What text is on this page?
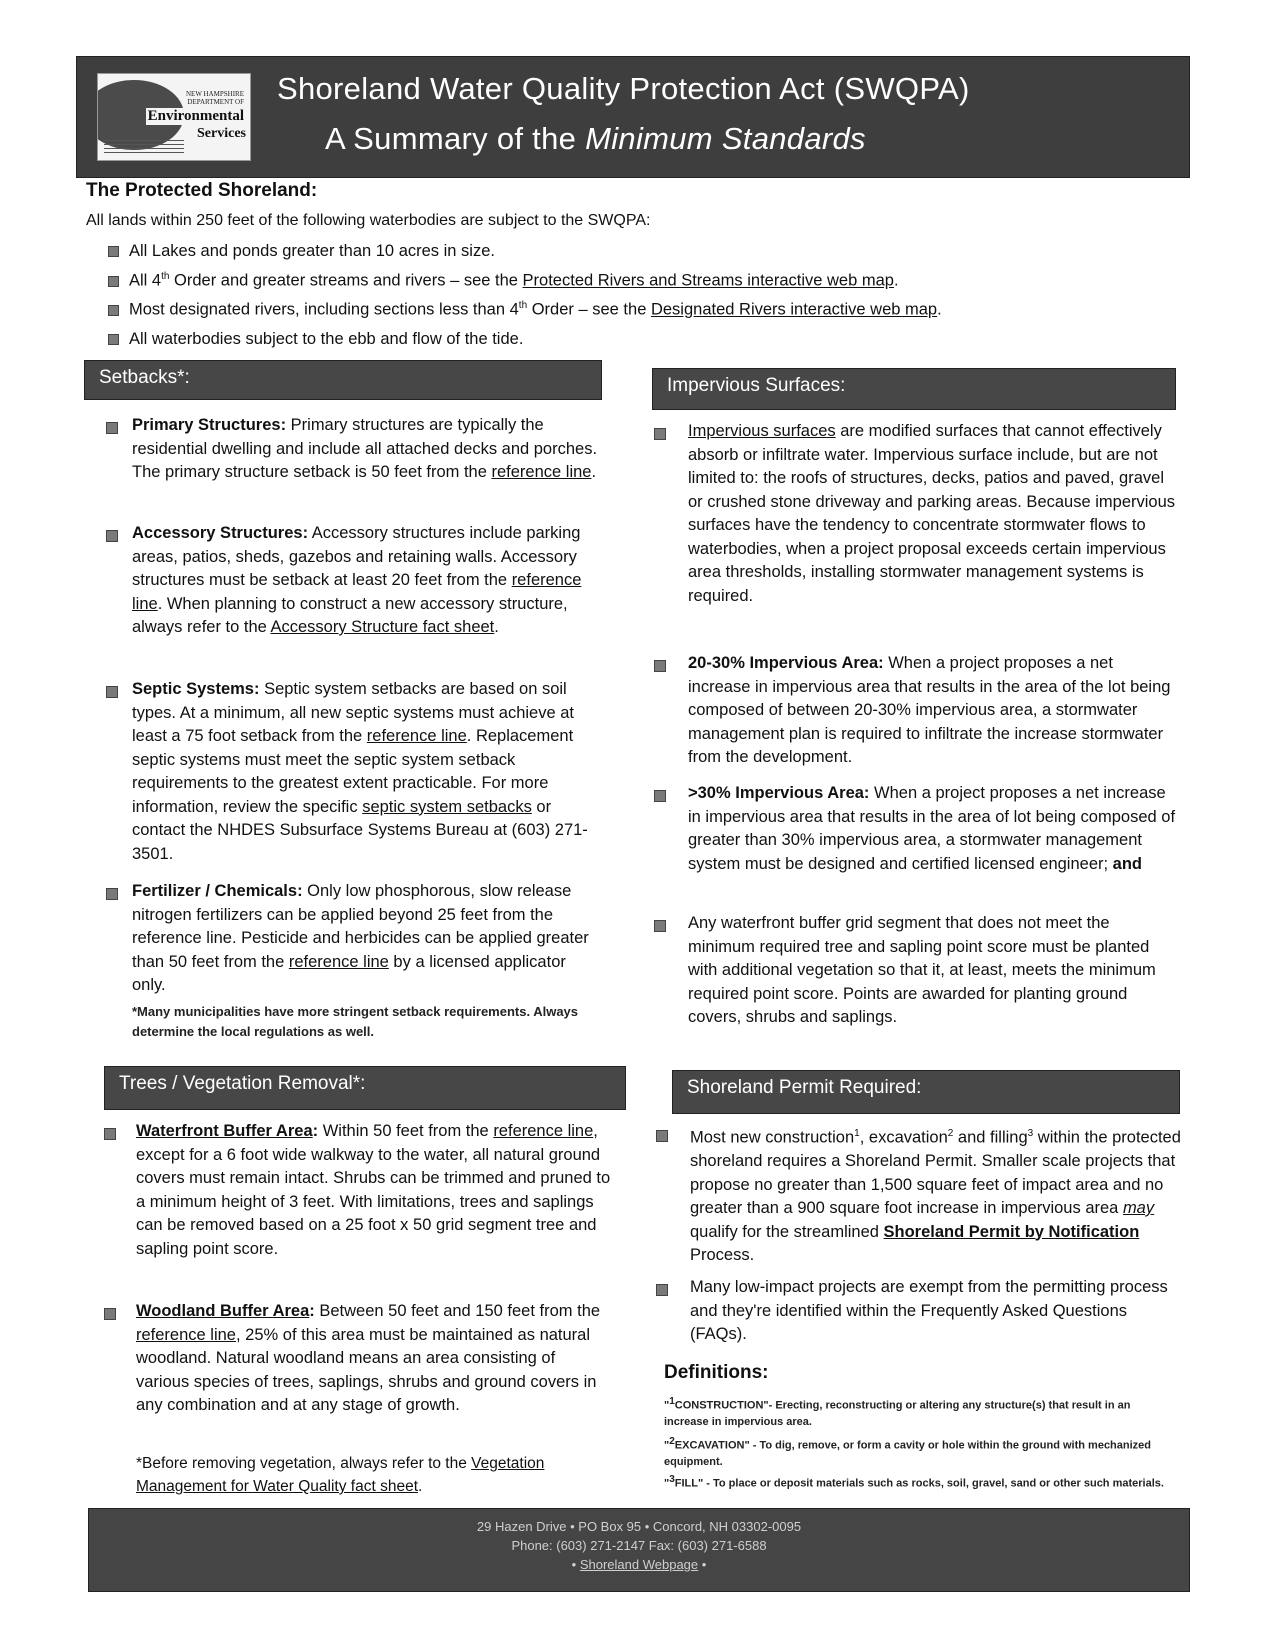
NEW HAMPSHIRE DEPARTMENT OF
Environmental
Services
Shoreland Water Quality Protection Act (SWQPA)
A Summary of the Minimum Standards
The Protected Shoreland:
All lands within 250 feet of the following waterbodies are subject to the SWQPA:
All Lakes and ponds greater than 10 acres in size.
All 4th Order and greater streams and rivers – see the Protected Rivers and Streams interactive web map.
Most designated rivers, including sections less than 4th Order – see the Designated Rivers interactive web map.
All waterbodies subject to the ebb and flow of the tide.
Setbacks*:
Primary Structures: Primary structures are typically the residential dwelling and include all attached decks and porches. The primary structure setback is 50 feet from the reference line.
Accessory Structures: Accessory structures include parking areas, patios, sheds, gazebos and retaining walls. Accessory structures must be setback at least 20 feet from the reference line. When planning to construct a new accessory structure, always refer to the Accessory Structure fact sheet.
Septic Systems: Septic system setbacks are based on soil types. At a minimum, all new septic systems must achieve at least a 75 foot setback from the reference line. Replacement septic systems must meet the septic system setback requirements to the greatest extent practicable. For more information, review the specific septic system setbacks or contact the NHDES Subsurface Systems Bureau at (603) 271-3501.
Fertilizer / Chemicals: Only low phosphorous, slow release nitrogen fertilizers can be applied beyond 25 feet from the reference line. Pesticide and herbicides can be applied greater than 50 feet from the reference line by a licensed applicator only.
*Many municipalities have more stringent setback requirements. Always determine the local regulations as well.
Impervious Surfaces:
Impervious surfaces are modified surfaces that cannot effectively absorb or infiltrate water. Impervious surface include, but are not limited to: the roofs of structures, decks, patios and paved, gravel or crushed stone driveway and parking areas. Because impervious surfaces have the tendency to concentrate stormwater flows to waterbodies, when a project proposal exceeds certain impervious area thresholds, installing stormwater management systems is required.
20-30% Impervious Area: When a project proposes a net increase in impervious area that results in the area of the lot being composed of between 20-30% impervious area, a stormwater management plan is required to infiltrate the increase stormwater from the development.
>30% Impervious Area: When a project proposes a net increase in impervious area that results in the area of lot being composed of greater than 30% impervious area, a stormwater management system must be designed and certified licensed engineer; and
Any waterfront buffer grid segment that does not meet the minimum required tree and sapling point score must be planted with additional vegetation so that it, at least, meets the minimum required point score. Points are awarded for planting ground covers, shrubs and saplings.
Trees / Vegetation Removal*:
Waterfront Buffer Area: Within 50 feet from the reference line, except for a 6 foot wide walkway to the water, all natural ground covers must remain intact. Shrubs can be trimmed and pruned to a minimum height of 3 feet. With limitations, trees and saplings can be removed based on a 25 foot x 50 grid segment tree and sapling point score.
Woodland Buffer Area: Between 50 feet and 150 feet from the reference line, 25% of this area must be maintained as natural woodland. Natural woodland means an area consisting of various species of trees, saplings, shrubs and ground covers in any combination and at any stage of growth.
*Before removing vegetation, always refer to the Vegetation Management for Water Quality fact sheet.
Shoreland Permit Required:
Most new construction$^1$, excavation$^2$ and filling$^3$ within the protected shoreland requires a Shoreland Permit. Smaller scale projects that propose no greater than 1,500 square feet of impact area and no greater than a 900 square foot increase in impervious area may qualify for the streamlined Shoreland Permit by Notification Process.
Many low-impact projects are exempt from the permitting process and they're identified within the Frequently Asked Questions (FAQs).
Definitions:
"$^1$CONSTRUCTION"- Erecting, reconstructing or altering any structure(s) that result in an increase in impervious area.
"$^2$EXCAVATION" - To dig, remove, or form a cavity or hole within the ground with mechanized equipment.
"$^3$FILL" - To place or deposit materials such as rocks, soil, gravel, sand or other such materials.
29 Hazen Drive • PO Box 95 • Concord, NH 03302-0095
Phone: (603) 271-2147 Fax: (603) 271-6588
• Shoreland Webpage •
